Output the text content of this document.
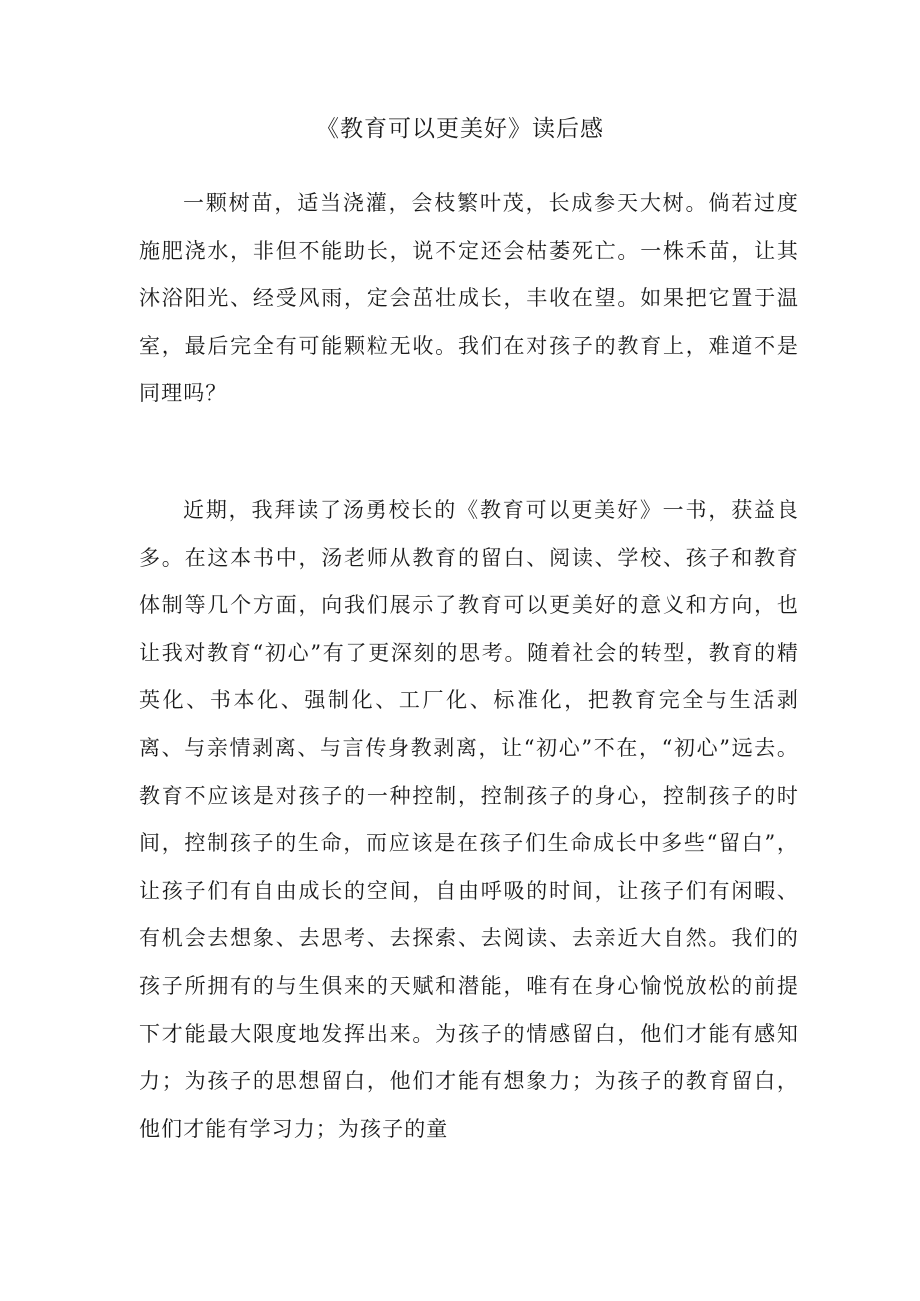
《教育可以更美好》读后感

一颗树苗，适当浇灌，会枝繁叶茂，长成参天大树。倘若过度施肥浇水，非但不能助长，说不定还会枯萎死亡。一株禾苗，让其沐浴阳光、经受风雨，定会茁壮成长，丰收在望。如果把它置于温室，最后完全有可能颗粒无收。我们在对孩子的教育上，难道不是同理吗？

近期，我拜读了汤勇校长的《教育可以更美好》一书，获益良多。在这本书中，汤老师从教育的留白、阅读、学校、孩子和教育体制等几个方面，向我们展示了教育可以更美好的意义和方向，也让我对教育“初心”有了更深刻的思考。随着社会的转型，教育的精英化、书本化、强制化、工厂化、标准化，把教育完全与生活剥离、与亲情剥离、与言传身教剥离，让“初心”不在，“初心”远去。教育不应该是对孩子的一种控制，控制孩子的身心，控制孩子的时间，控制孩子的生命，而应该是在孩子们生命成长中多些“留白”，让孩子们有自由成长的空间，自由呼吸的时间，让孩子们有闲暇、有机会去想象、去思考、去探索、去阅读、去亲近大自然。我们的孩子所拥有的与生俱来的天赋和潜能，唯有在身心愉悦放松的前提下才能最大限度地发挥出来。为孩子的情感留白，他们才能有感知力；为孩子的思想留白，他们才能有想象力；为孩子的教育留白，他们才能有学习力；为孩子的童
